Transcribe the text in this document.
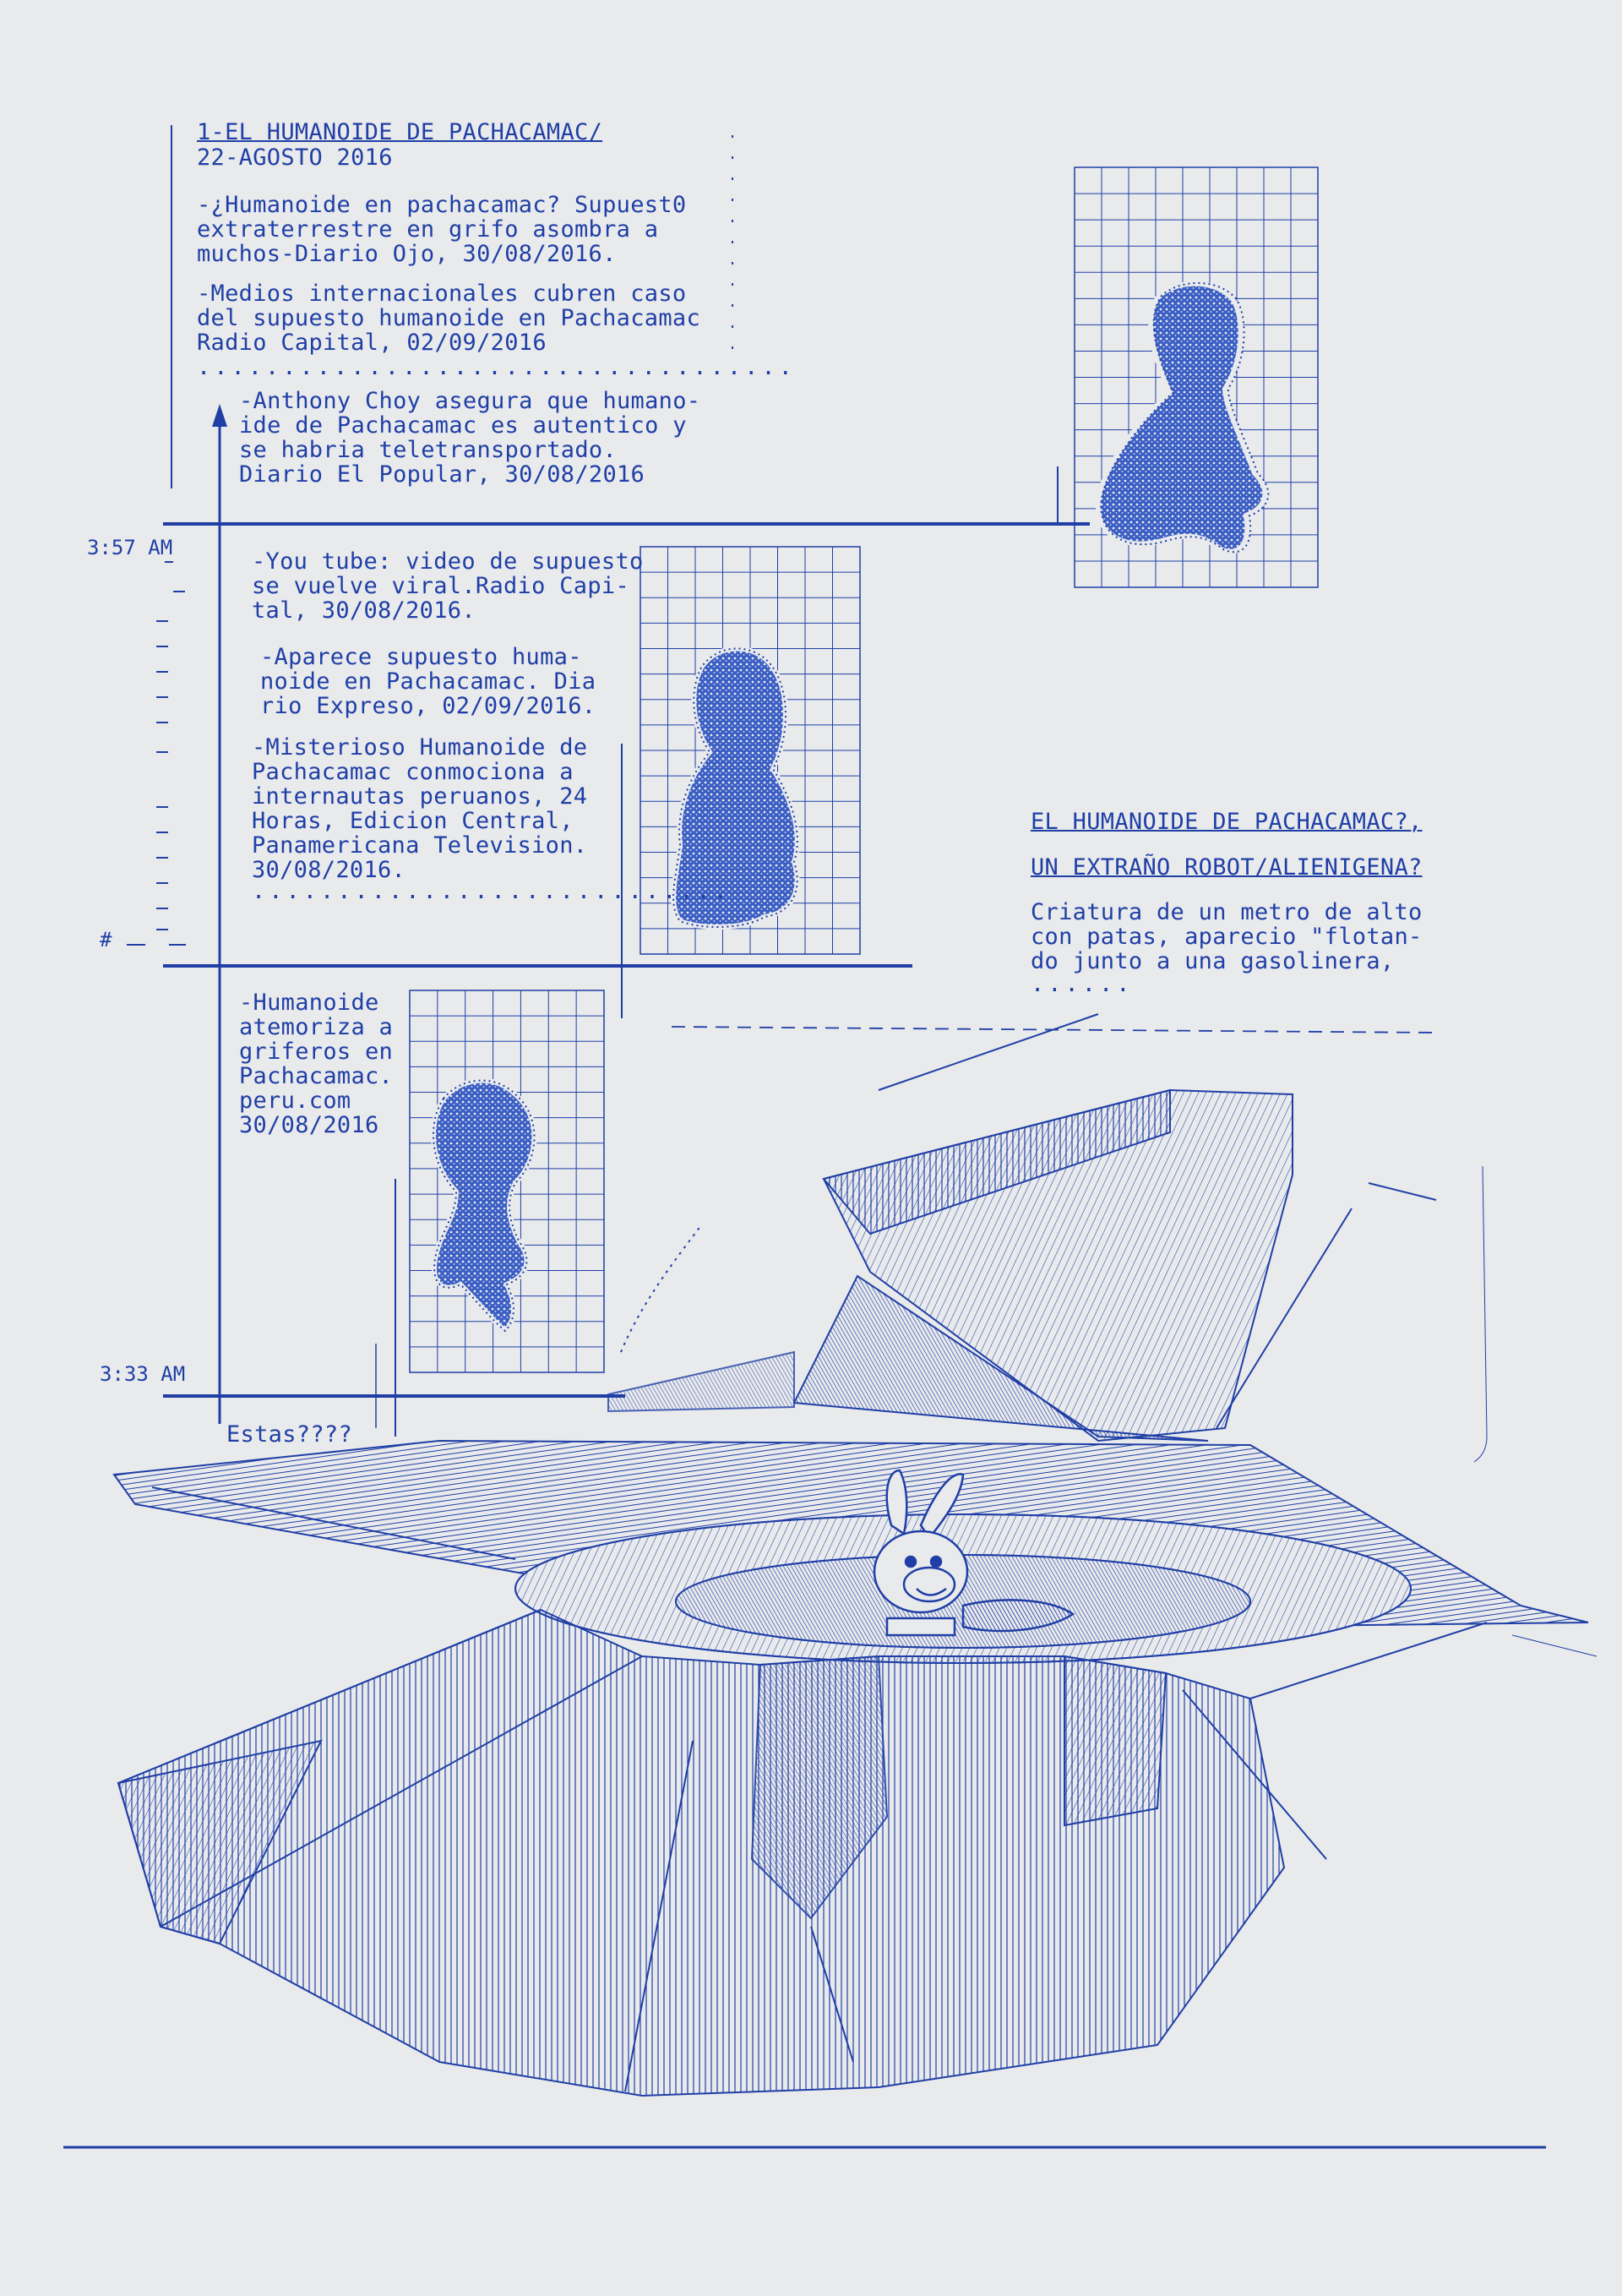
1-EL HUMANOIDE DE PACHACAMAC/
22-AGOSTO 2016
-¿Humanoide en pachacamac? Supuest0
extraterrestre en grifo asombra a
muchos-Diario Ojo, 30/08/2016.
-Medios internacionales cubren caso
del supuesto humanoide en Pachacamac
Radio Capital, 02/09/2016
...................................
-Anthony Choy asegura que humano-
ide de Pachacamac es autentico y
se habria teletransportado.
Diario El Popular, 30/08/2016
3:57 AM
#
3:33 AM
-You tube: video de supuesto
se vuelve viral.Radio Capi-
tal, 30/08/2016.
-Aparece supuesto huma-
noide en Pachacamac. Dia
rio Expreso, 02/09/2016.
-Misterioso Humanoide de
Pachacamac conmociona a
internautas peruanos, 24
Horas, Edicion Central,
Panamericana Television.
30/08/2016.
............................
-Humanoide
atemoriza a
griferos en
Pachacamac.
peru.com
30/08/2016
EL HUMANOIDE DE PACHACAMAC?,
UN EXTRAÑO ROBOT/ALIENIGENA?
Criatura de un metro de alto
con patas, aparecio "flotan-
do junto a una gasolinera,
......
Estas????
